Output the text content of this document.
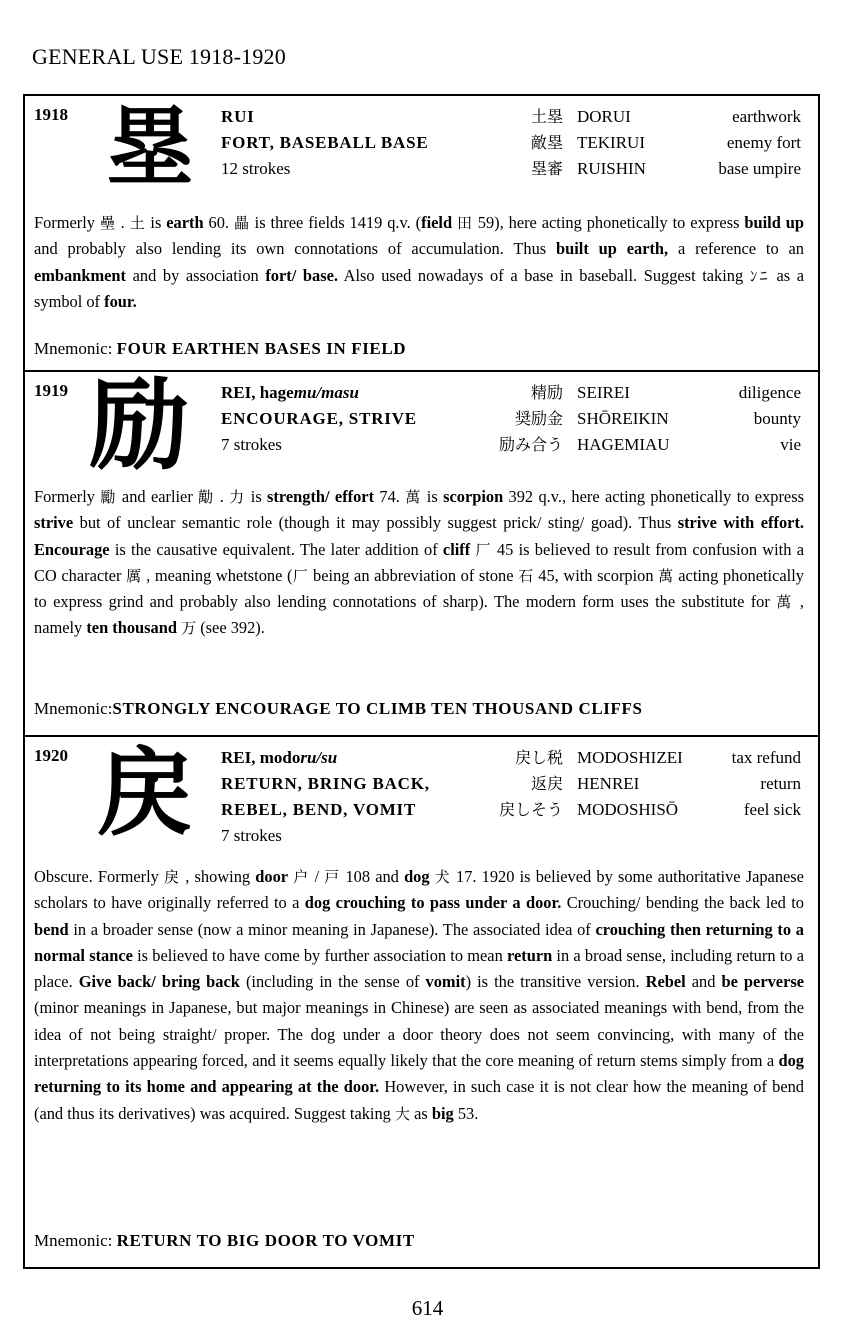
GENERAL USE 1918-1920
1918 塁 RUI
FORT, BASEBALL BASE
12 strokes
土塁 DORUI	earthwork
敵塁 TEKIRUI	enemy fort
塁審 RUISHIN	base umpire
Formerly 壘 . 土 is earth 60. 畾 is three fields 1419 q.v. (field 田 59), here acting phonetically to express build up and probably also lending its own connotations of accumulation. Thus built up earth, a reference to an embankment and by association fort/ base. Also used nowadays of a base in baseball. Suggest taking ﾝﾆ as a symbol of four.
Mnemonic: FOUR EARTHEN BASES IN FIELD
1919 励 REI, hagemu/masu
ENCOURAGE, STRIVE
7 strokes
精励 SEIREI	diligence
奨励金 SHŌREIKIN	bounty
励み合う HAGEMIAU	vie
Formerly 勵 and earlier 勱 . 力 is strength/ effort 74. 萬 is scorpion 392 q.v., here acting phonetically to express strive but of unclear semantic role (though it may possibly suggest prick/ sting/ goad). Thus strive with effort. Encourage is the causative equivalent. The later addition of cliff 厂 45 is believed to result from confusion with a CO character 厲 , meaning whetstone (厂 being an abbreviation of stone 石 45, with scorpion 萬 acting phonetically to express grind and probably also lending connotations of sharp). The modern form uses the substitute for 萬 , namely ten thousand 万 (see 392).
Mnemonic:STRONGLY ENCOURAGE TO CLIMB TEN THOUSAND CLIFFS
1920 戻 REI, modoru/su
RETURN, BRING BACK,
REBEL, BEND, VOMIT
7 strokes
戻し税 MODOSHIZEI	tax refund
返戻 HENREI	return
戻しそう MODOSHISŌ	feel sick
Obscure. Formerly 戾 , showing door 户 / 戸 108 and dog 犬 17. 1920 is believed by some authoritative Japanese scholars to have originally referred to a dog crouching to pass under a door. Crouching/ bending the back led to bend in a broader sense (now a minor meaning in Japanese). The associated idea of crouching then returning to a normal stance is believed to have come by further association to mean return in a broad sense, including return to a place. Give back/ bring back (including in the sense of vomit) is the transitive version. Rebel and be perverse (minor meanings in Japanese, but major meanings in Chinese) are seen as associated meanings with bend, from the idea of not being straight/ proper. The dog under a door theory does not seem convincing, with many of the interpretations appearing forced, and it seems equally likely that the core meaning of return stems simply from a dog returning to its home and appearing at the door. However, in such case it is not clear how the meaning of bend (and thus its derivatives) was acquired. Suggest taking 大 as big 53.
Mnemonic: RETURN TO BIG DOOR TO VOMIT
614
